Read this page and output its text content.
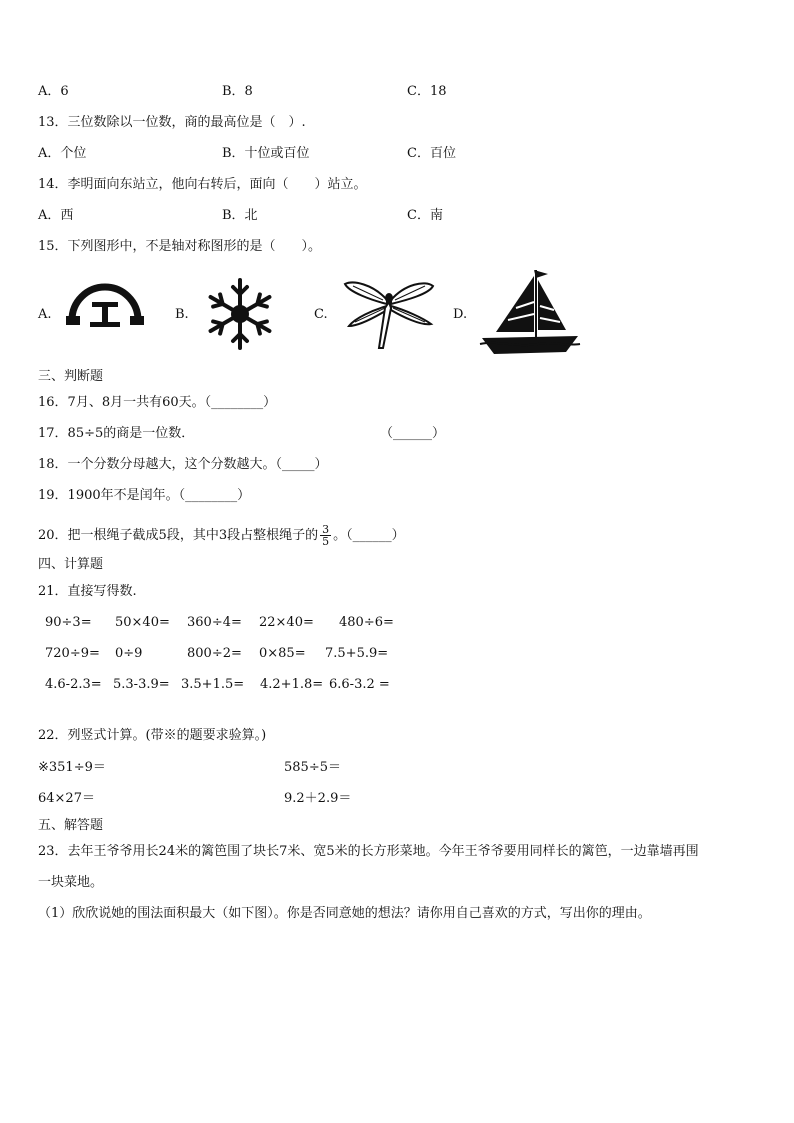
A．6	B．8	C．18
13．三位数除以一位数，商的最高位是（　）.
A．个位	B．十位或百位	C．百位
14．李明面向东站立，他向右转后，面向（　　）站立。
A．西	B．北	C．南
15．下列图形中，不是轴对称图形的是（　　）。
A.	B.	C.	D.
三、判断题
16．7月、8月一共有60天。（________）
17．85÷5的商是一位数．	（______）
18．一个分数分母越大，这个分数越大。（_____）
19．1900年不是闰年。（________）
20．把一根绳子截成5段，其中3段占整根绳子的 $\frac{3}{5}$ 。（______）
四、计算题
21．直接写得数.
90÷3= 50×40= 360÷4= 22×40= 480÷6=
720÷9= 0÷9	800÷2= 0×85= 7.5+5.9=
4.6-2.3= 5.3-3.9= 3.5+1.5= 4.2+1.8= 6.6-3.2 =
22．列竖式计算。(带※的题要求验算。)
※351÷9＝	585÷5＝
64×27＝	9.2＋2.9＝
五、解答题
23．去年王爷爷用长24米的篱笆围了块长7米、宽5米的长方形菜地。今年王爷爷要用同样长的篱笆，一边靠墙再围
一块菜地。
（1）欣欣说她的围法面积最大（如下图）。你是否同意她的想法？请你用自己喜欢的方式，写出你的理由。
